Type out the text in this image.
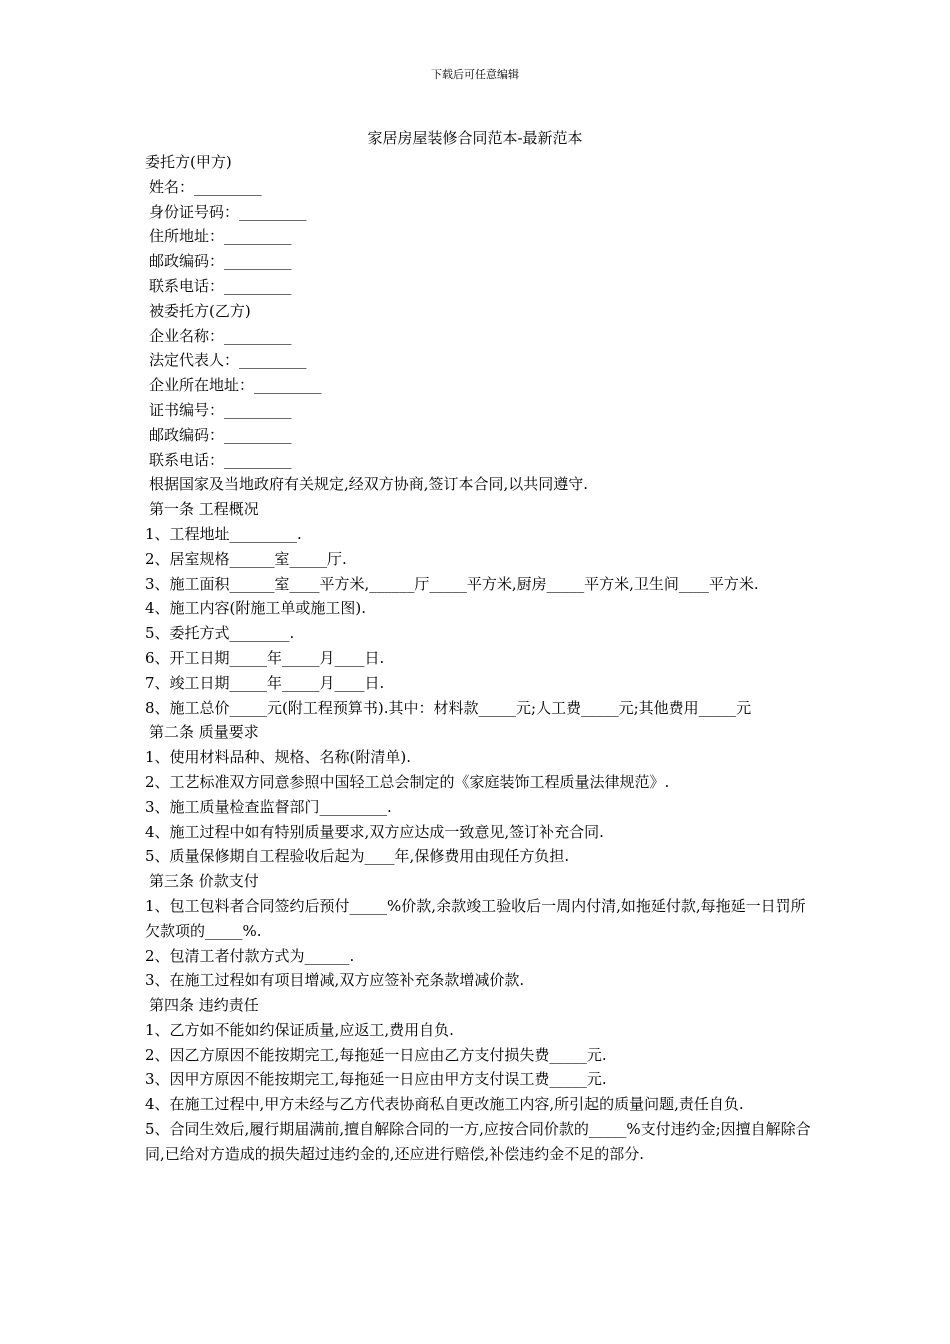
下载后可任意编辑
家居房屋装修合同范本-最新范本

委托方(甲方)

姓名：_________

身份证号码：_________

住所地址：_________

邮政编码：_________

联系电话：_________

被委托方(乙方)

企业名称：_________

法定代表人：_________

企业所在地址：_________

证书编号：_________

邮政编码：_________

联系电话：_________

根据国家及当地政府有关规定,经双方协商,签订本合同,以共同遵守.

第一条 工程概况

1、工程地址_________.

2、居室规格______室_____厅.

3、施工面积______室____平方米,______厅_____平方米,厨房_____平方米,卫生间____平方米.

4、施工内容(附施工单或施工图).

5、委托方式________.

6、开工日期_____年_____月____日.

7、竣工日期_____年_____月____日.

8、施工总价_____元(附工程预算书).其中：材料款_____元;人工费_____元;其他费用_____元

第二条 质量要求

1、使用材料品种、规格、名称(附清单).

2、工艺标准双方同意参照中国轻工总会制定的《家庭装饰工程质量法律规范》.

3、施工质量检查监督部门_________.

4、施工过程中如有特别质量要求,双方应达成一致意见,签订补充合同.

5、质量保修期自工程验收后起为____年,保修费用由现任方负担.

第三条 价款支付

1、包工包料者合同签约后预付_____%价款,余款竣工验收后一周内付清,如拖延付款,每拖延一日罚所欠款项的_____%.

2、包清工者付款方式为______.

3、在施工过程如有项目增减,双方应签补充条款增减价款.

第四条 违约责任

1、乙方如不能如约保证质量,应返工,费用自负.

2、因乙方原因不能按期完工,每拖延一日应由乙方支付损失费_____元.

3、因甲方原因不能按期完工,每拖延一日应由甲方支付误工费_____元.

4、在施工过程中,甲方未经与乙方代表协商私自更改施工内容,所引起的质量问题,责任自负.

5、合同生效后,履行期届满前,擅自解除合同的一方,应按合同价款的_____%支付违约金;因擅自解除合同,已给对方造成的损失超过违约金的,还应进行赔偿,补偿违约金不足的部分.
